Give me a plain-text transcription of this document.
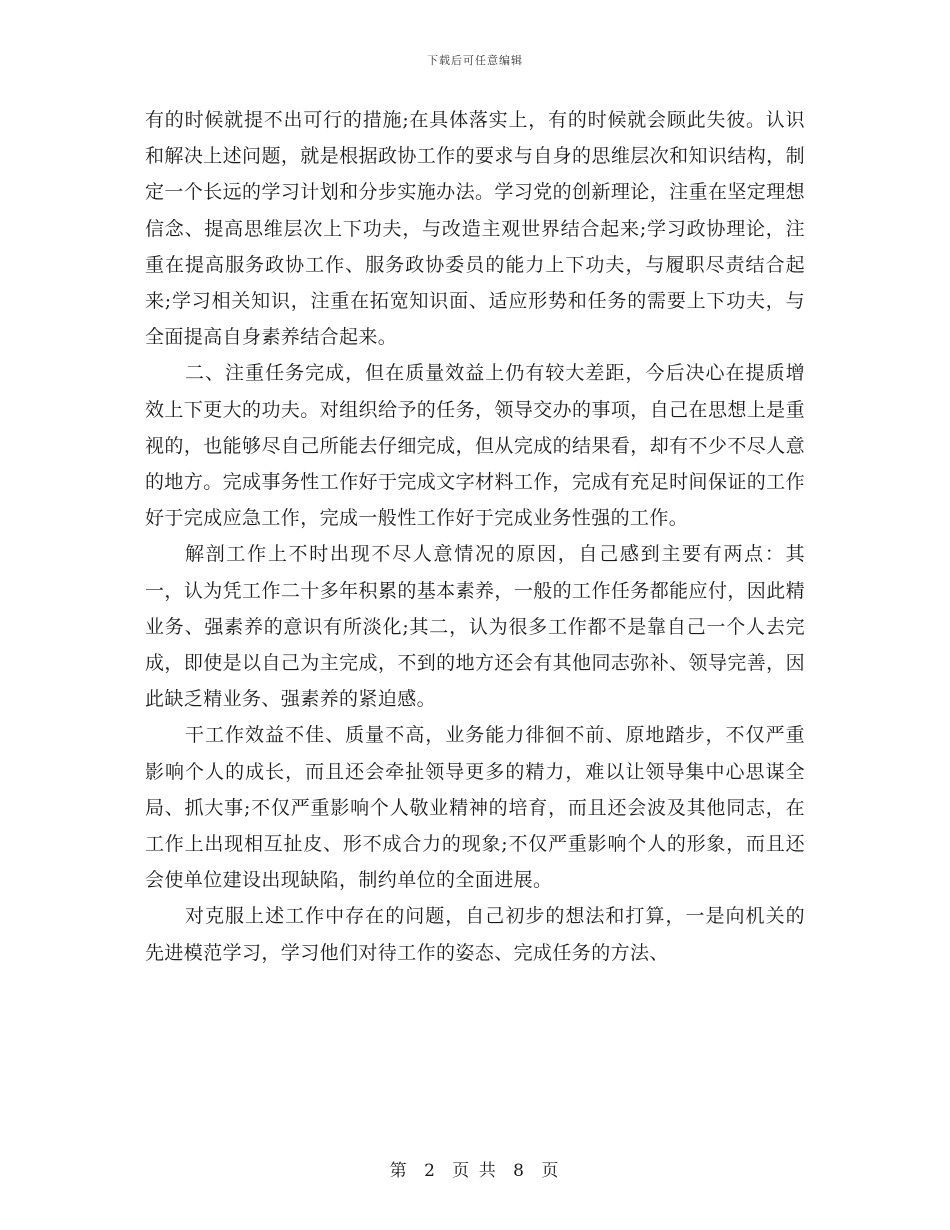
下载后可任意编辑

有的时候就提不出可行的措施;在具体落实上，有的时候就会顾此失彼。认识和解决上述问题，就是根据政协工作的要求与自身的思维层次和知识结构，制定一个长远的学习计划和分步实施办法。学习党的创新理论，注重在坚定理想信念、提高思维层次上下功夫，与改造主观世界结合起来;学习政协理论，注重在提高服务政协工作、服务政协委员的能力上下功夫，与履职尽责结合起来;学习相关知识，注重在拓宽知识面、适应形势和任务的需要上下功夫，与全面提高自身素养结合起来。

二、注重任务完成，但在质量效益上仍有较大差距，今后决心在提质增效上下更大的功夫。对组织给予的任务，领导交办的事项，自己在思想上是重视的，也能够尽自己所能去仔细完成，但从完成的结果看，却有不少不尽人意的地方。完成事务性工作好于完成文字材料工作，完成有充足时间保证的工作好于完成应急工作，完成一般性工作好于完成业务性强的工作。

解剖工作上不时出现不尽人意情况的原因，自己感到主要有两点：其一，认为凭工作二十多年积累的基本素养，一般的工作任务都能应付，因此精业务、强素养的意识有所淡化;其二，认为很多工作都不是靠自己一个人去完成，即使是以自己为主完成，不到的地方还会有其他同志弥补、领导完善，因此缺乏精业务、强素养的紧迫感。

干工作效益不佳、质量不高，业务能力徘徊不前、原地踏步，不仅严重影响个人的成长，而且还会牵扯领导更多的精力，难以让领导集中心思谋全局、抓大事;不仅严重影响个人敬业精神的培育，而且还会波及其他同志，在工作上出现相互扯皮、形不成合力的现象;不仅严重影响个人的形象，而且还会使单位建设出现缺陷，制约单位的全面进展。

对克服上述工作中存在的问题，自己初步的想法和打算，一是向机关的先进模范学习，学习他们对待工作的姿态、完成任务的方法、

第 2 页 共 8 页
